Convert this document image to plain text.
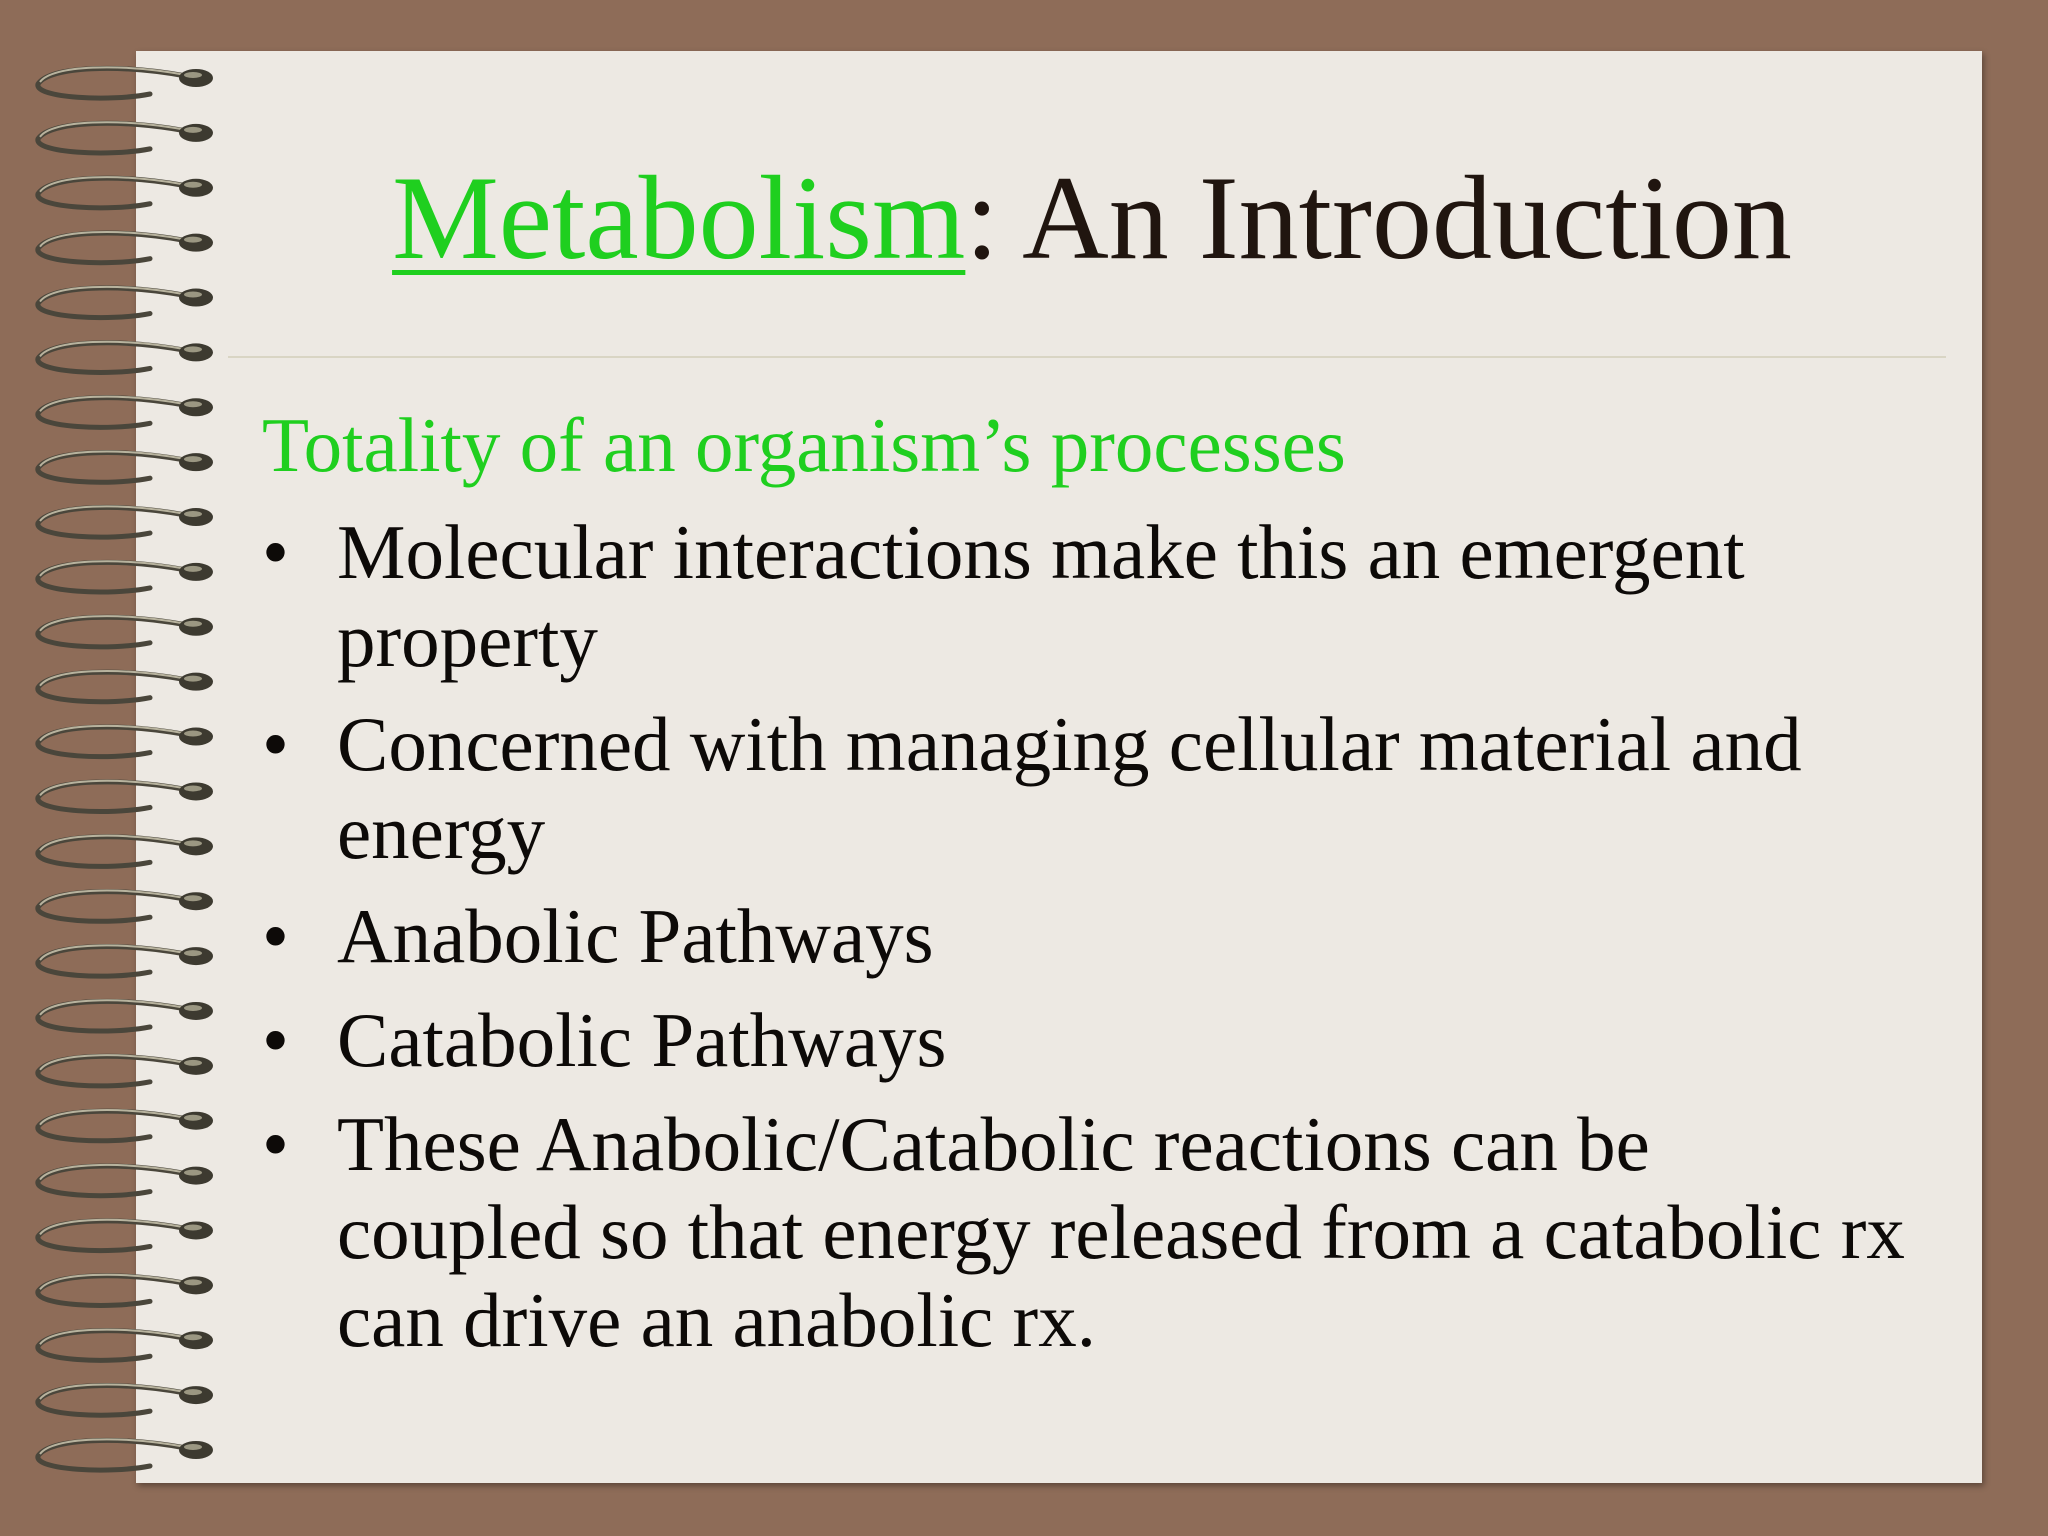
Metabolism: An Introduction
Totality of an organism’s processes
• Molecular interactions make this an emergent property
• Concerned with managing cellular material and energy
• Anabolic Pathways
• Catabolic Pathways
• These Anabolic/Catabolic reactions can be coupled so that energy released from a catabolic rx can drive an anabolic rx.
